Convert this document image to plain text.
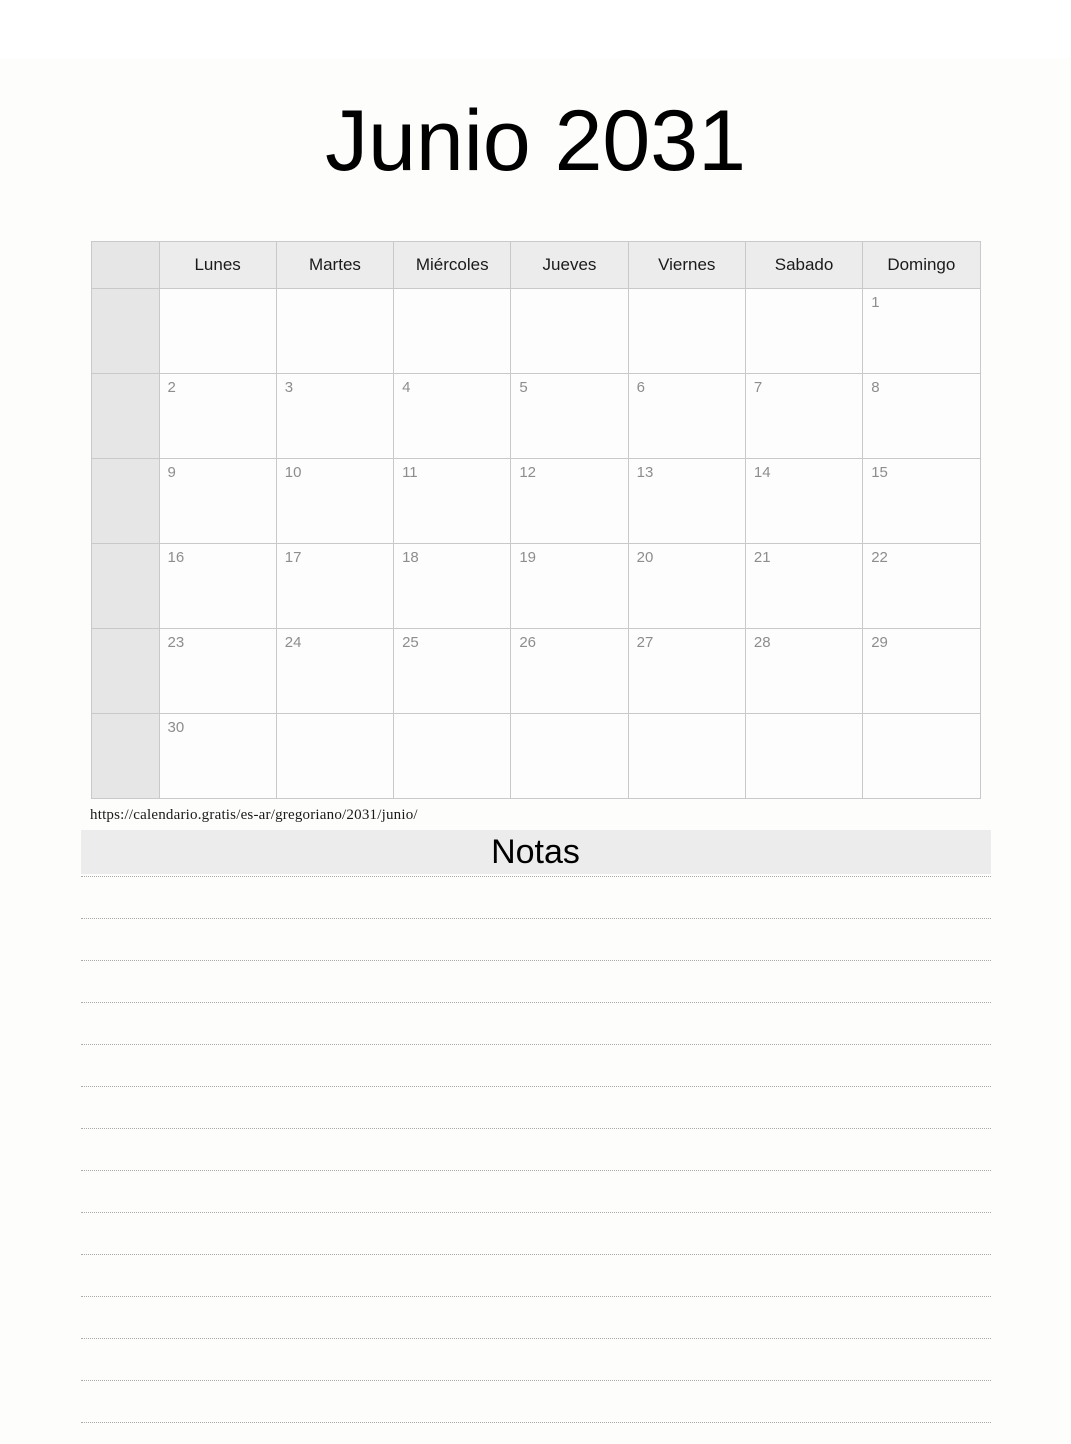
Junio 2031
	Lunes	Martes	Miércoles	Jueves	Viernes	Sabado	Domingo

							1

	2	3	4	5	6	7	8

	9	10	11	12	13	14	15

	16	17	18	19	20	21	22

	23	24	25	26	27	28	29

	30						

https://calendario.gratis/es-ar/gregoriano/2031/junio/
Notas
